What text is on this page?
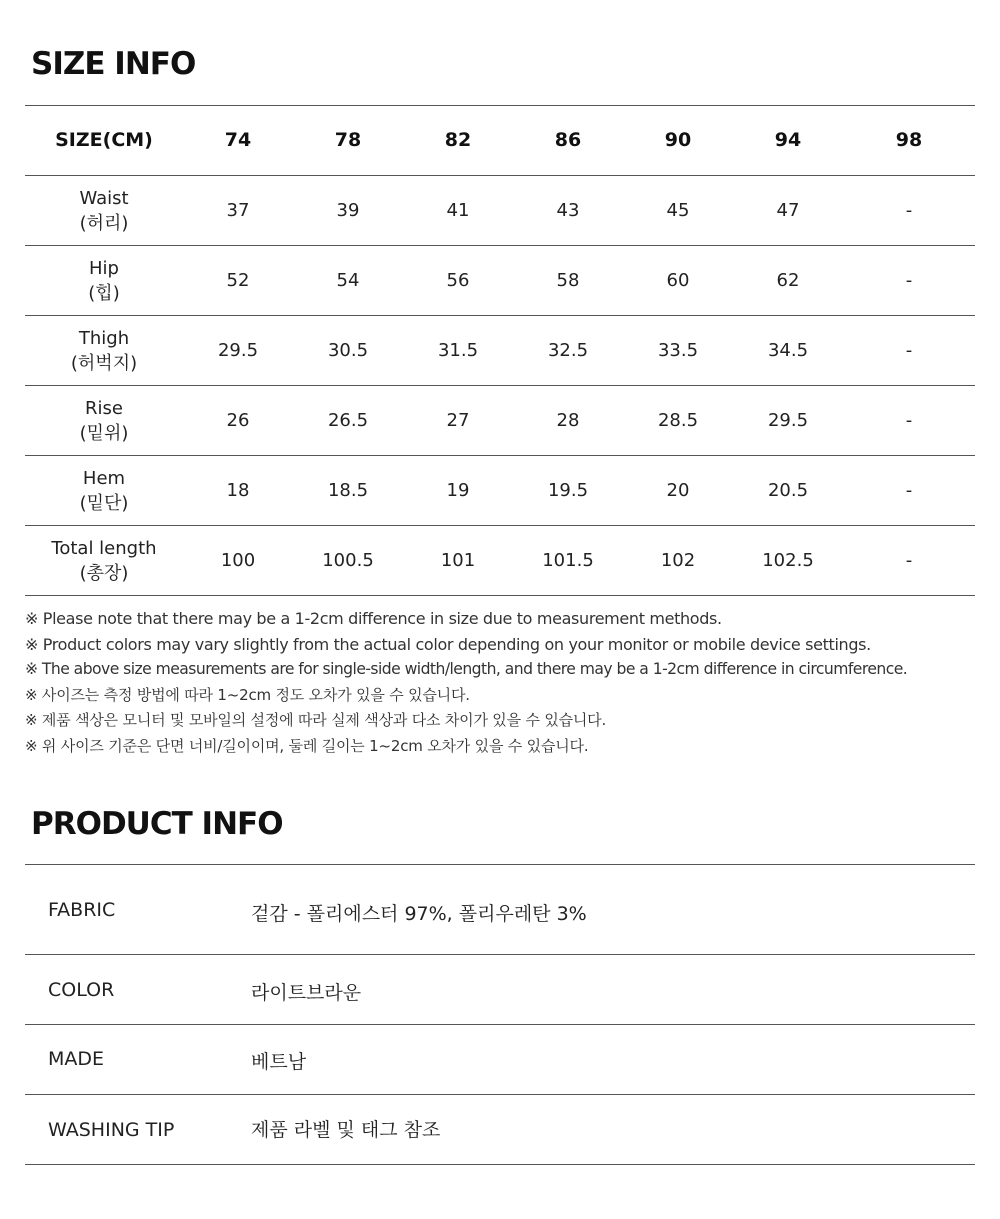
SIZE INFO
SIZE(CM)	74	78	82	86	90	94	98
Waist
(허리)	37	39	41	43	45	47	-
Hip
(힙)	52	54	56	58	60	62	-
Thigh
(허벅지)	29.5	30.5	31.5	32.5	33.5	34.5	-
Rise
(밑위)	26	26.5	27	28	28.5	29.5	-
Hem
(밑단)	18	18.5	19	19.5	20	20.5	-
Total length
(총장)	100	100.5	101	101.5	102	102.5	-
※ Please note that there may be a 1-2cm difference in size due to measurement methods.
※ Product colors may vary slightly from the actual color depending on your monitor or mobile device settings.
※ The above size measurements are for single-side width/length, and there may be a 1-2cm difference in circumference.
※ 사이즈는 측정 방법에 따라 1~2cm 정도 오차가 있을 수 있습니다.
※ 제품 색상은 모니터 및 모바일의 설정에 따라 실제 색상과 다소 차이가 있을 수 있습니다.
※ 위 사이즈 기준은 단면 너비/길이이며, 둘레 길이는 1~2cm 오차가 있을 수 있습니다.
PRODUCT INFO
FABRIC	겉감 - 폴리에스터 97%, 폴리우레탄 3%
COLOR	라이트브라운
MADE	베트남
WASHING TIP	제품 라벨 및 태그 참조
